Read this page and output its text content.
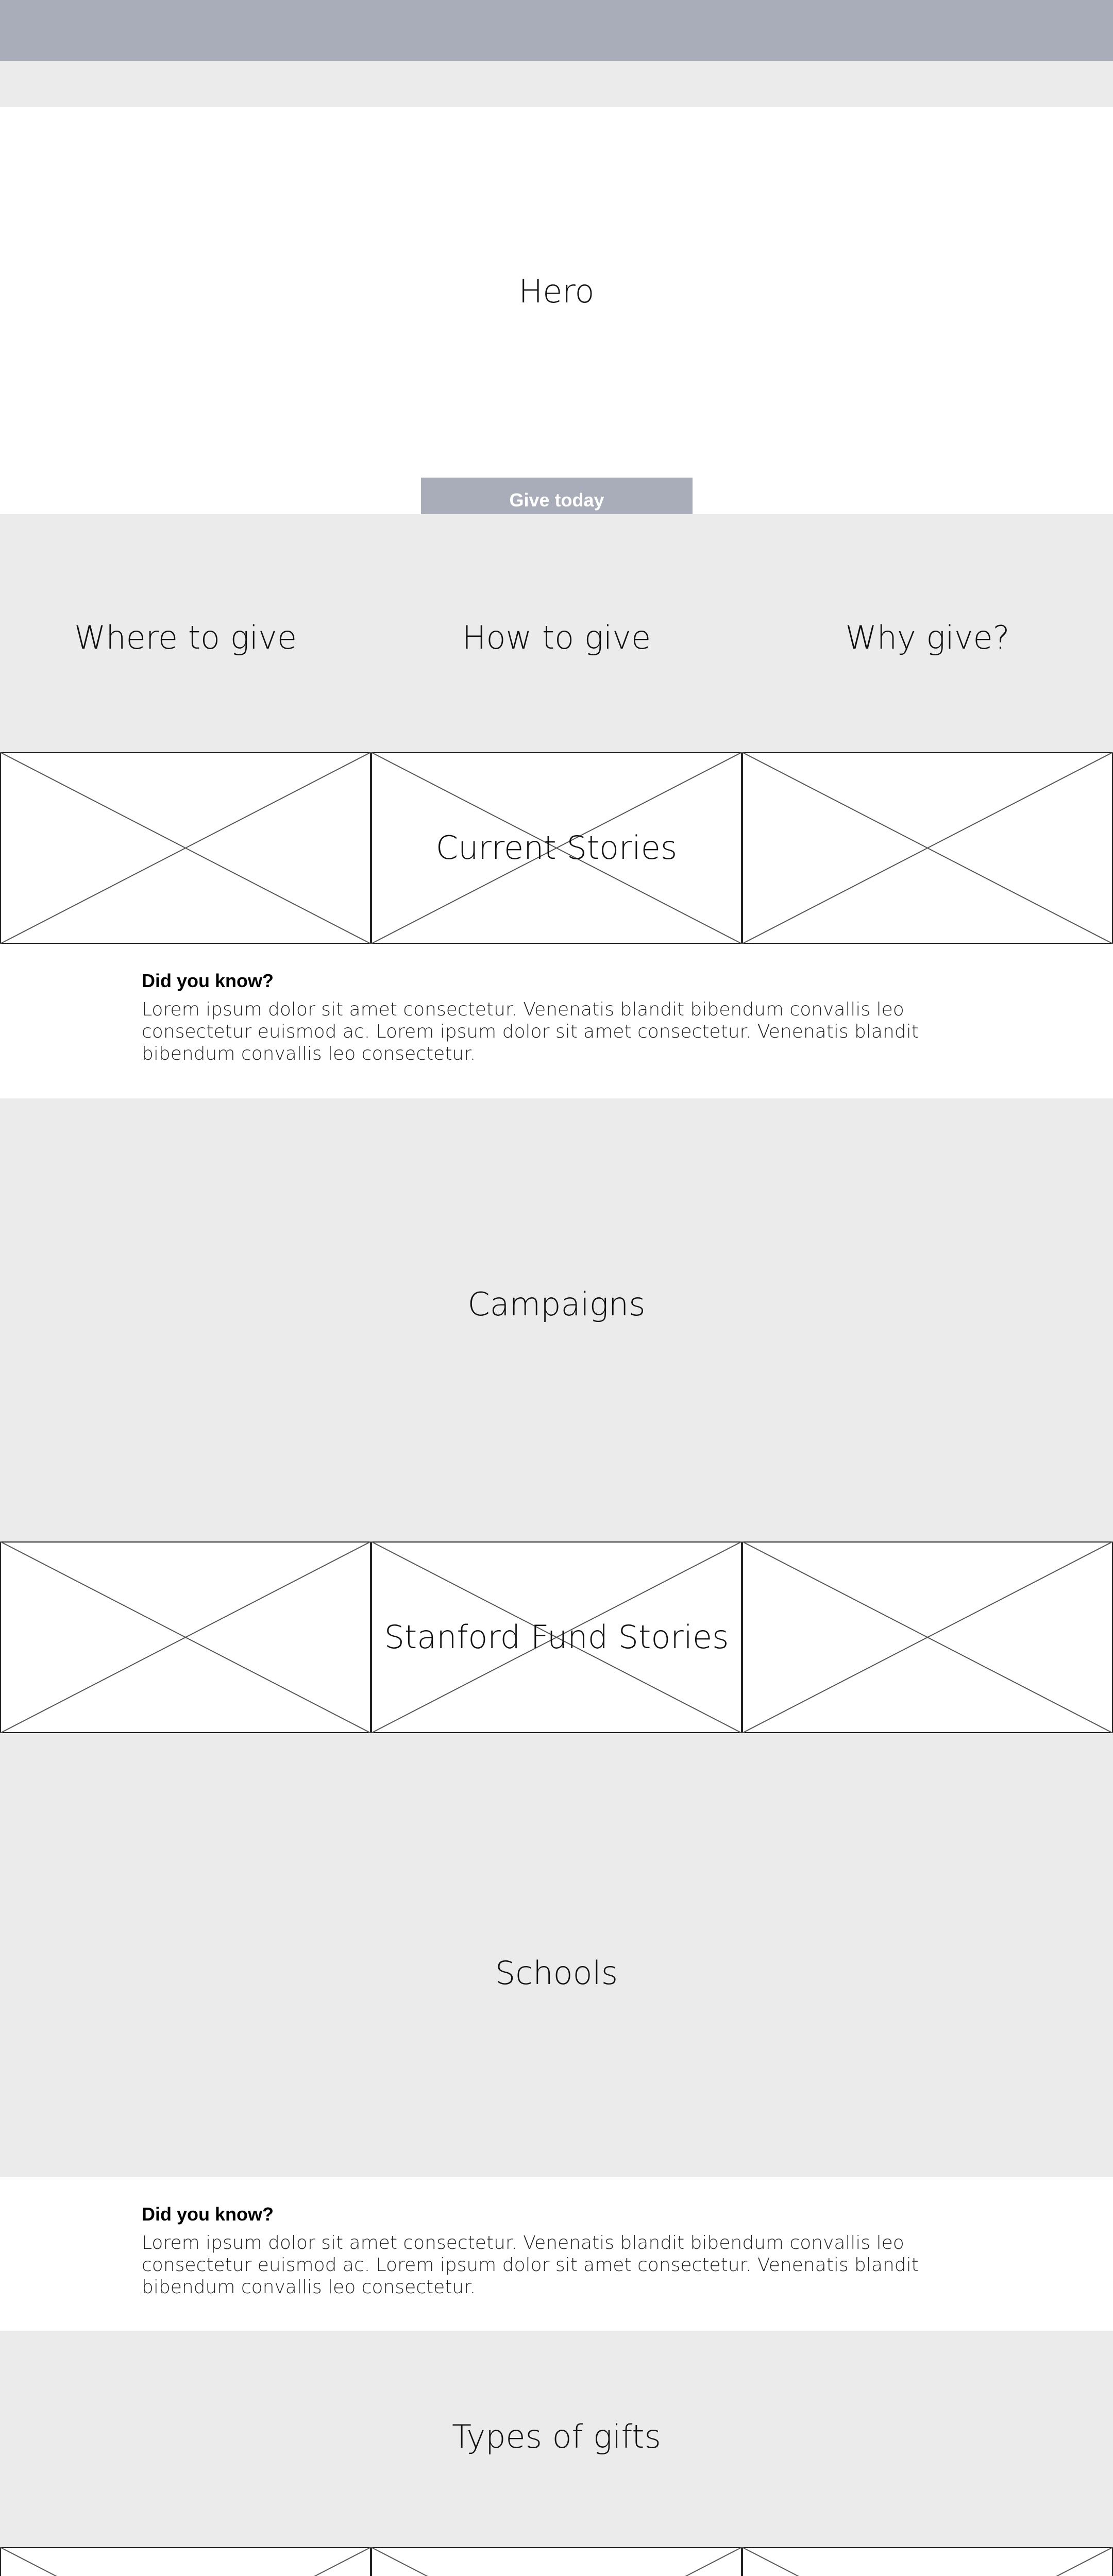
Hero
Give today
Where to give	How to give	Why give?
Current Stories
Did you know?
Lorem ipsum dolor sit amet consectetur. Venenatis blandit bibendum convallis leo consectetur euismod ac. Lorem ipsum dolor sit amet consectetur. Venenatis blandit bibendum convallis leo consectetur.
Campaigns
Stanford Fund Stories
Schools
Did you know?
Lorem ipsum dolor sit amet consectetur. Venenatis blandit bibendum convallis leo consectetur euismod ac. Lorem ipsum dolor sit amet consectetur. Venenatis blandit bibendum convallis leo consectetur.
Types of gifts
